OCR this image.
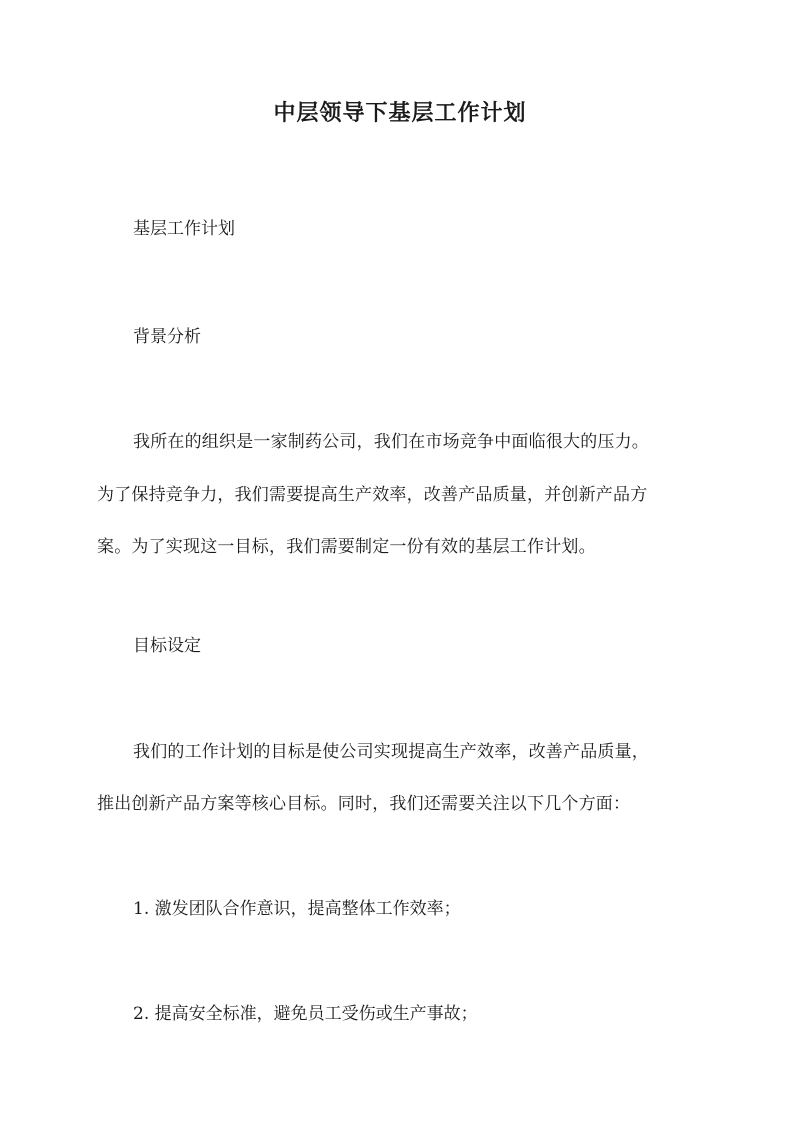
中层领导下基层工作计划
基层工作计划
背景分析
我所在的组织是一家制药公司，我们在市场竞争中面临很大的压力。
为了保持竞争力，我们需要提高生产效率，改善产品质量，并创新产品方
案。为了实现这一目标，我们需要制定一份有效的基层工作计划。
目标设定
我们的工作计划的目标是使公司实现提高生产效率，改善产品质量，
推出创新产品方案等核心目标。同时，我们还需要关注以下几个方面：
1. 激发团队合作意识，提高整体工作效率；
2. 提高安全标准，避免员工受伤或生产事故；
